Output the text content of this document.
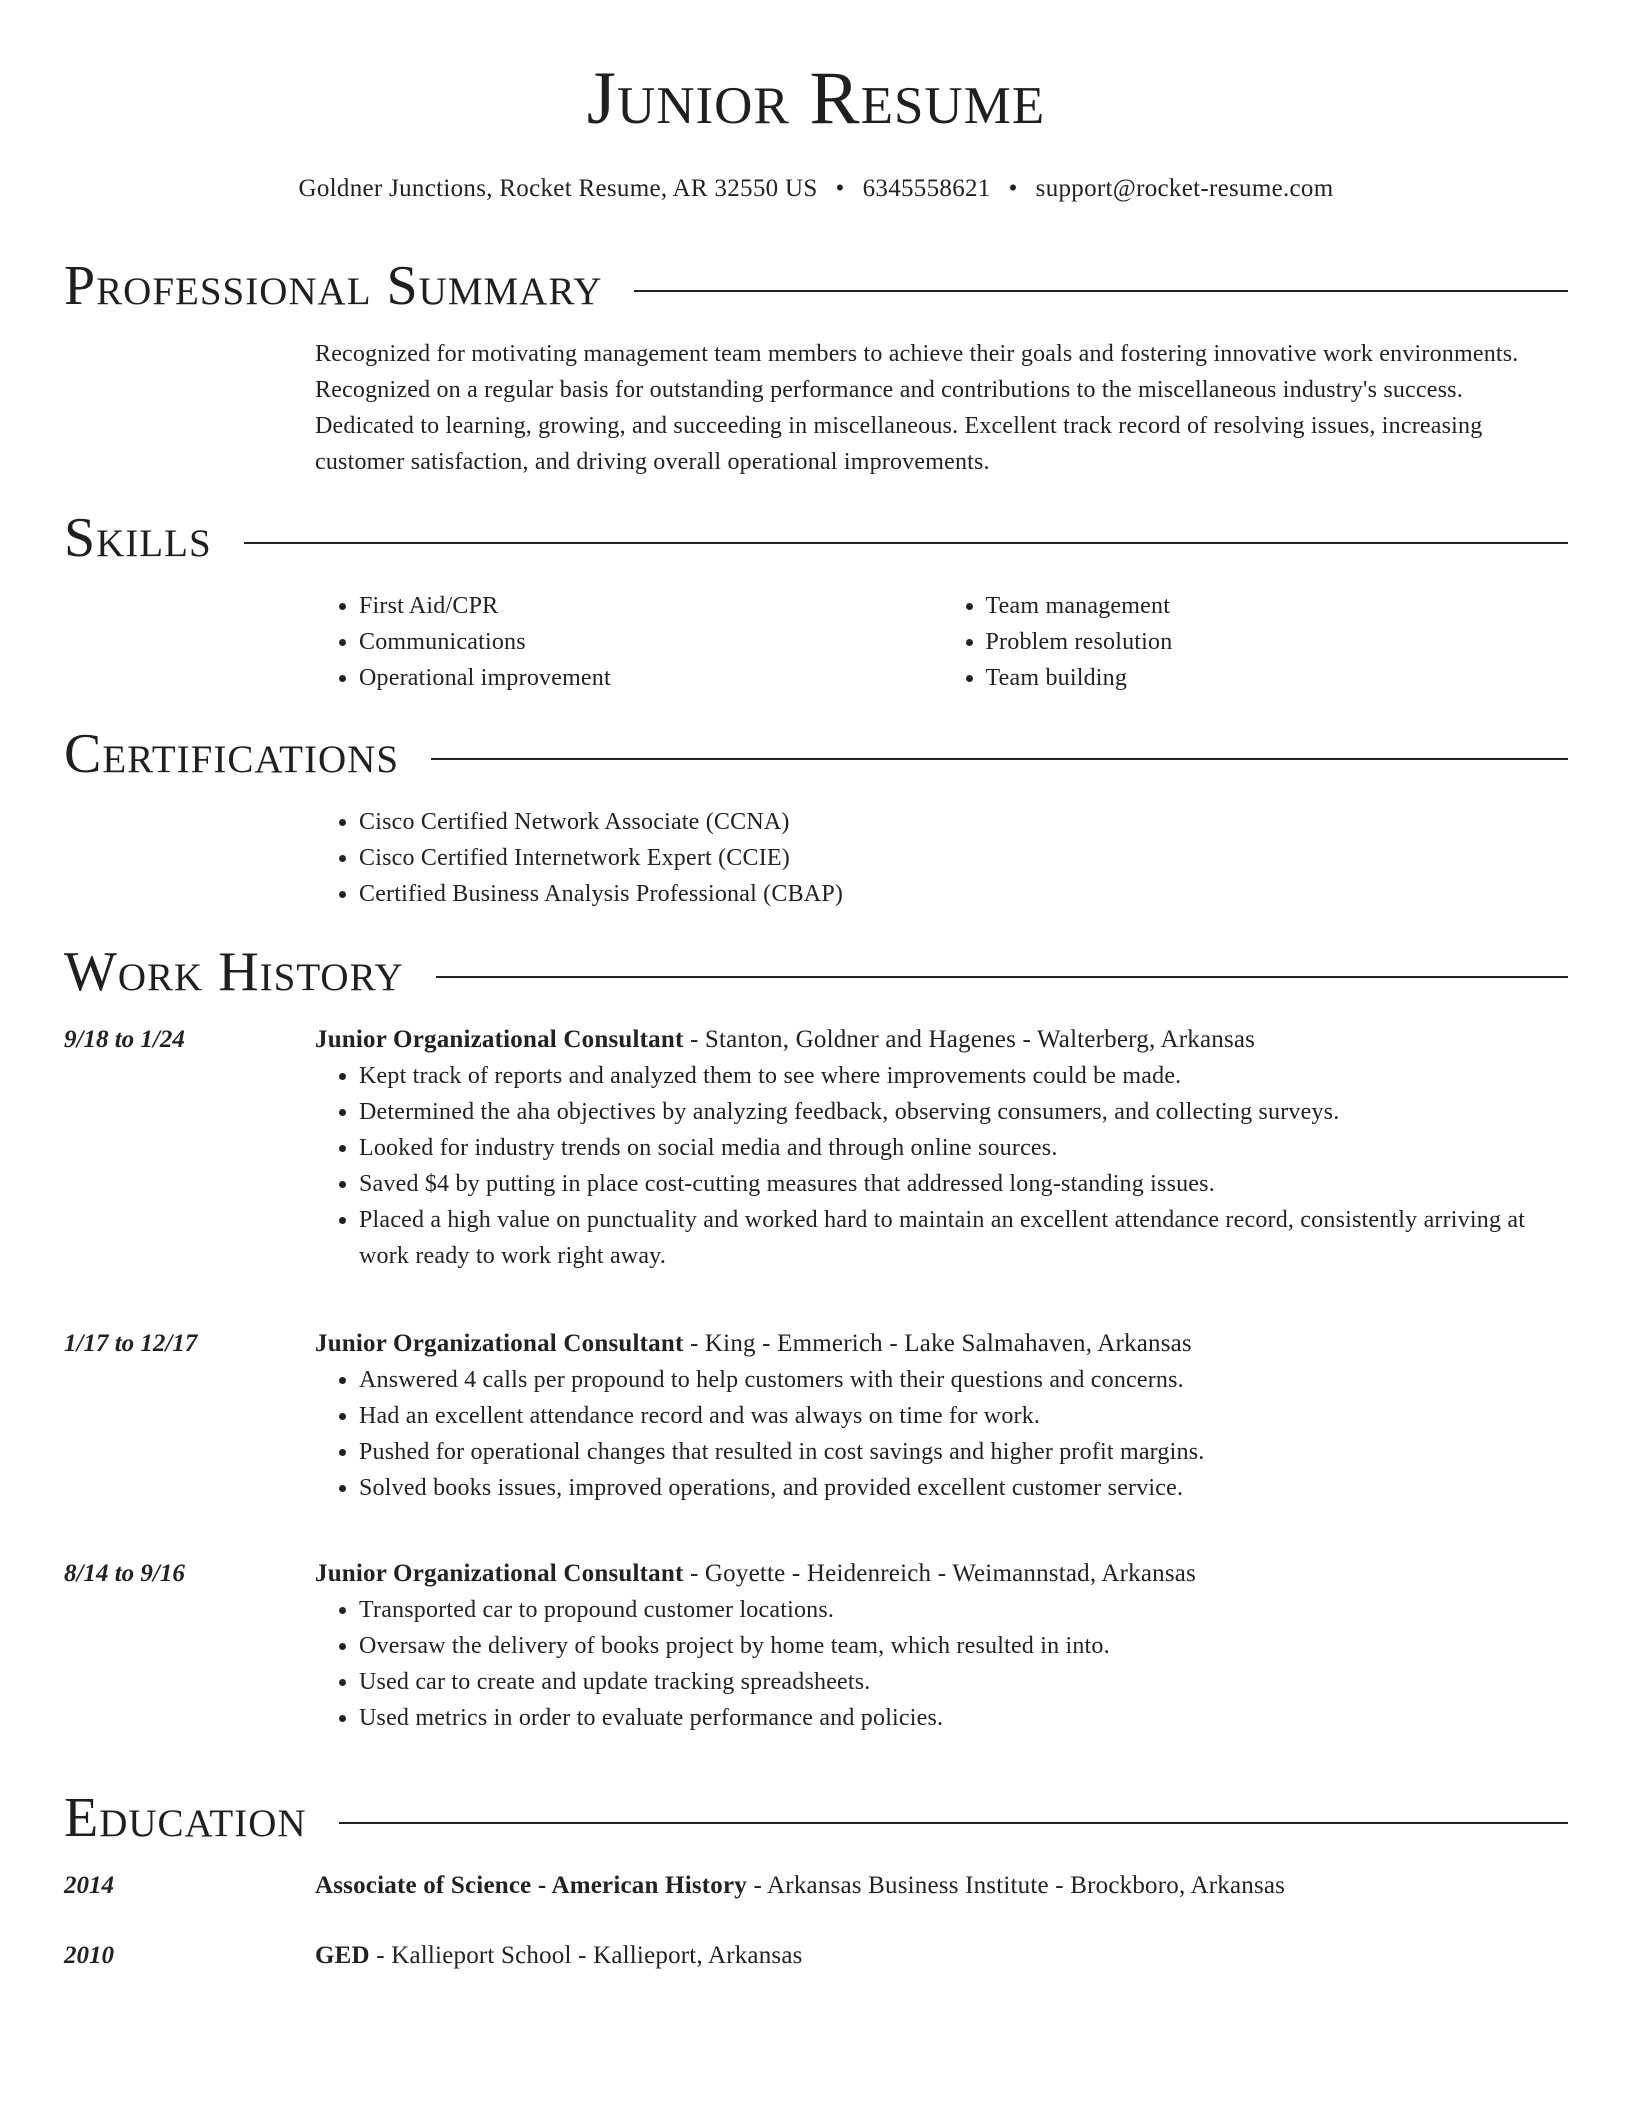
Junior Resume
Goldner Junctions, Rocket Resume, AR 32550 US • 6345558621 • support@rocket-resume.com
Professional Summary

Recognized for motivating management team members to achieve their goals and fostering innovative work environments.

Recognized on a regular basis for outstanding performance and contributions to the miscellaneous industry's success.

Dedicated to learning, growing, and succeeding in miscellaneous. Excellent track record of resolving issues, increasing

customer satisfaction, and driving overall operational improvements.

Skills
• First Aid/CPR
• Communications
• Operational improvement
• Team management
• Problem resolution
• Team building
Certifications
• Cisco Certified Network Associate (CCNA)
• Cisco Certified Internetwork Expert (CCIE)
• Certified Business Analysis Professional (CBAP)
Work History
9/18 to 1/24	Junior Organizational Consultant - Stanton, Goldner and Hagenes - Walterberg, Arkansas
• Kept track of reports and analyzed them to see where improvements could be made.
• Determined the aha objectives by analyzing feedback, observing consumers, and collecting surveys.
• Looked for industry trends on social media and through online sources.
• Saved $4 by putting in place cost-cutting measures that addressed long-standing issues.
• Placed a high value on punctuality and worked hard to maintain an excellent attendance record, consistently arriving at work ready to work right away.
1/17 to 12/17	Junior Organizational Consultant - King - Emmerich - Lake Salmahaven, Arkansas
• Answered 4 calls per propound to help customers with their questions and concerns.
• Had an excellent attendance record and was always on time for work.
• Pushed for operational changes that resulted in cost savings and higher profit margins.
• Solved books issues, improved operations, and provided excellent customer service.
8/14 to 9/16	Junior Organizational Consultant - Goyette - Heidenreich - Weimannstad, Arkansas
• Transported car to propound customer locations.
• Oversaw the delivery of books project by home team, which resulted in into.
• Used car to create and update tracking spreadsheets.
• Used metrics in order to evaluate performance and policies.
Education
2014	Associate of Science - American History - Arkansas Business Institute - Brockboro, Arkansas
2010	GED - Kallieport School - Kallieport, Arkansas
